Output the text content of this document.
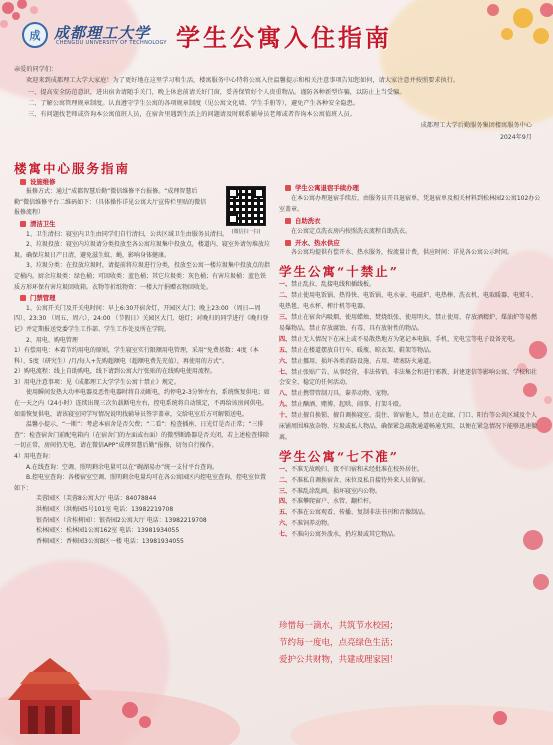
成 成都理工大学
CHENGDU UNIVERSITY OF TECHNOLOGY 学生公寓入住指南

亲爱的同学们：

欢迎来到成都理工大学大家庭！为了更好地在这里学习和生活，楼寓服务中心特将公寓入住温馨提示和相关注意事项告知您如何，请大家注意并按照要求执行。

一、提高安全防范意识，进出宿舍请随手关门，晚上休息前请关好门窗，妥善保管好个人贵重物品。谨防各种新型诈骗，以防止上当受骗。

二、了解公寓管理规章制度。认真遵守学生公寓的各项规章制度（见公寓文化墙、学生手册等），避免产生各种安全隐患。

三、有问题找老师或咨询本公寓值班人员，在宿舍里遇到生活上的问题请及时联系辅导员老师或者咨询本公寓值班人员。

成都理工大学后勤服务集团楼寓服务中心

2024年9月

楼寓中心服务指南
设施维修

报修方式：通过“成都智慧后勤”微信维修平台报修。“成理智慧后勤”微信维修平台二维码如下：（具体操作详见公寓大厅宣传栏里贴的微信报修流程）

(微信扫一扫)
清洁卫生

1、卫生清扫：寝室内卫生由同学们自行清扫，公共区域卫生由服务员清扫。

2、垃圾投放：寝室内垃圾请分类投放至各公寓垃圾集中投放点，楼道内、寝室外请勿堆放垃圾。确保垃圾日产日清，避免滋生蚊、蝇，影响身体健康。

3、垃圾分类：在投放垃圾时，请提前将垃圾进行分类，投放至公寓一楼垃圾集中投放点的指定桶内。厨余垃圾类：绿色桶；可回收类：蓝色桶；其它垃圾类：灰色桶；有害垃圾桶：蓝色铁质方形环保有害垃圾回收箱。衣物等折纸物资：一楼大厅捐赠衣物回收处。

门禁管理

1、公寓开关门及开关电时间：早上6:30开宿舍灯，开园区大门；晚上23:00 （周日—周四）、23:30 （周五、周六）、24:00 （节假日）关园区大门、熄灯；对晚归的同学进行《晚归登记》并定期报送党委学生工作部、学生工作处及所在学院。

2、用电、购电管理

1）有偿用电：本着节约用电的原则，学生寝室实行限额用电管理，采用“免费基数：4度（本科）、5度（研究生）/月/每人+先购超额电（超额电费先充值），再使用的方式”。

2）购电流程：线上自助购电，线下请到公寓大厅张贴的在线购电使用流程。

3）用电注意事项：见《成都理工大学学生公寓十禁止》规定。

使用瞬间发热大功率电器及恶性电器时将自动断电，约停电2-3分钟左右，系统恢复供电；如在一天之内（24小时）连续出现三次负载断电左右，控电系统将自动锁定，不再给该房间供电。如需恢复供电，请该寝室同学写情况说明找辅导员签字盖章，交给电室后方可解锁送电。

温馨小提示，“一断”：考虑本宿舍是否欠费；“二看”：检查插座、日光灯是否正常；“三排查”：检查宿舍门前配电箱内（在宿舍门的左面或右面）的微型断路器是否关闭，若上述检查排除一切正常，房间仍无电，请在微信APP“成理智慧后勤”报修，切勿自行操作。

4）用电查询：

A.在线查询：空调、照明剩余电量可以在“碗湖易办”统一支付平台查询。

B.控电室查询：各楼宿室空调、照明剩余电量均可在各公寓园区内控电室查询，控电室位置如下：

芙蓉园区（芙蓉8公寓大厅 电话：84078844

洪梅园区（洪梅园5号101室 电话：13982219708

银杏园区（含桂树园）：银杏园2公寓大厅 电话：13982219708

松林园区：松林园1公寓162室 电话：13981934055

香樟园区：香樟园3公寓B区一楼 电话：13981934055

学生公寓退宿手续办理

在本公寓办理退宿手续后，由服务员开具退宿单，凭退宿单及相关材料到松林园2公寓102办公室盖章。

自助洗衣

在公寓定点洗衣房内按照洗衣流程自助洗衣。

开水、热水供应

各公寓均提供有偿开水、热水服务，按流量计费，供应时间：详见各公寓公示时间。

学生公寓“十禁止”

一、禁止乱拉、乱接电线和插线板。

二、禁止使用电饭锅、热得快、电饭锅、电水壶、电磁炉、电热棒、洗衣机、电取暖器、电熨斗、电热毯、电水杯、榨汁机等电器。

三、禁止在宿舍内吸烟、使用蜡烛、焚烧纸张、使用明火，禁止使用、存放酒精炉、煤油炉等易燃易爆物品，禁止存放腐蚀、有毒、具有放射性的物品。

四、禁止无人情况下在床上或不易散热地方为笔记本电脑、手机、充电宝等电子设备充电。

五、禁止在楼道摆放自行车、暖瓶、晾衣架、鞋架等物品。

六、禁止挪用、损坏各类消防设施、占用、堵塞防火通道。

七、禁止张贴广告、从事经营，非法传销、非法集会和进行邪教、封建迷信等影响公寓、学校和社会安全、稳定的任何活动。

八、禁止携带管制刀具，豢养动物、宠物。

九、禁止酗酒、赌博、起哄、闹事、打架斗殴。

十、禁止擅自换锁、擅自调换寝室、混住、留宿他人，禁止在走廊、门口、阳台等公共区域及个人床铺周围堆放杂物、垃圾或私人物品，确保紧急疏散通道畅通无阻，以便在紧急情况下能够迅速撤离。

学生公寓“七不准”

一、不准无故晚归、夜不归宿和未经批准在校外居住。

二、不准私自调换宿舍、床位及私自接待外来人员留宿。

三、不准乱涂乱画，损坏寝室内公物。

四、不准攀爬窗户、水管、翻栏杆。

五、不准在公寓观看、传播、复制非法书刊和音像制品。

六、不准饲养动物。

七、不准向公寓外泼水，扔垃圾或其它物品。

珍惜每一滴水，共筑节水校园；
节约每一度电，点亮绿色生活；
爱护公共财物，共建成理家园！
